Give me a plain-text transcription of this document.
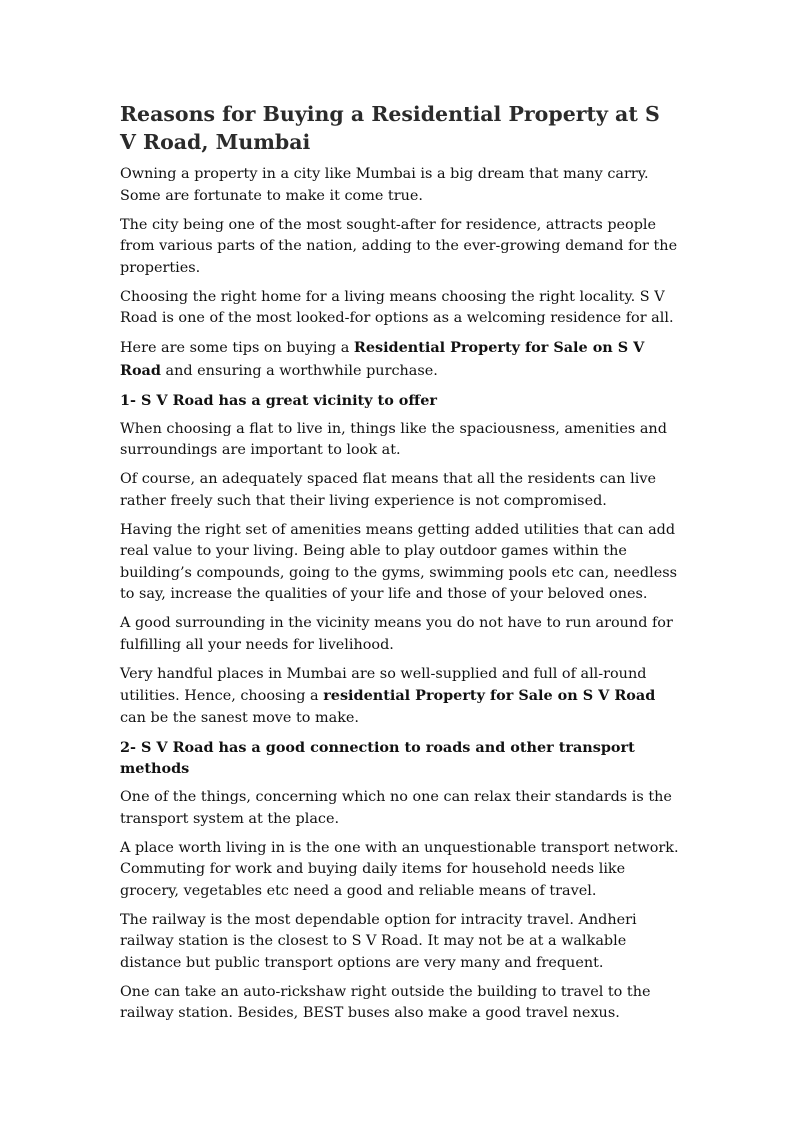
Reasons for Buying a Residential Property at S V Road, Mumbai

Owning a property in a city like Mumbai is a big dream that many carry. Some are fortunate to make it come true.

The city being one of the most sought-after for residence, attracts people from various parts of the nation, adding to the ever-growing demand for the properties.

Choosing the right home for a living means choosing the right locality. S V Road is one of the most looked-for options as a welcoming residence for all.

Here are some tips on buying a Residential Property for Sale on S V Road and ensuring a worthwhile purchase.

1- S V Road has a great vicinity to offer

When choosing a flat to live in, things like the spaciousness, amenities and surroundings are important to look at.

Of course, an adequately spaced flat means that all the residents can live rather freely such that their living experience is not compromised.

Having the right set of amenities means getting added utilities that can add real value to your living. Being able to play outdoor games within the building’s compounds, going to the gyms, swimming pools etc can, needless to say, increase the qualities of your life and those of your beloved ones.

A good surrounding in the vicinity means you do not have to run around for fulfilling all your needs for livelihood.

Very handful places in Mumbai are so well-supplied and full of all-round utilities. Hence, choosing a residential Property for Sale on S V Road can be the sanest move to make.

2- S V Road has a good connection to roads and other transport methods

One of the things, concerning which no one can relax their standards is the transport system at the place.

A place worth living in is the one with an unquestionable transport network. Commuting for work and buying daily items for household needs like grocery, vegetables etc need a good and reliable means of travel.

The railway is the most dependable option for intracity travel. Andheri railway station is the closest to S V Road. It may not be at a walkable distance but public transport options are very many and frequent.

One can take an auto-rickshaw right outside the building to travel to the railway station. Besides, BEST buses also make a good travel nexus.
